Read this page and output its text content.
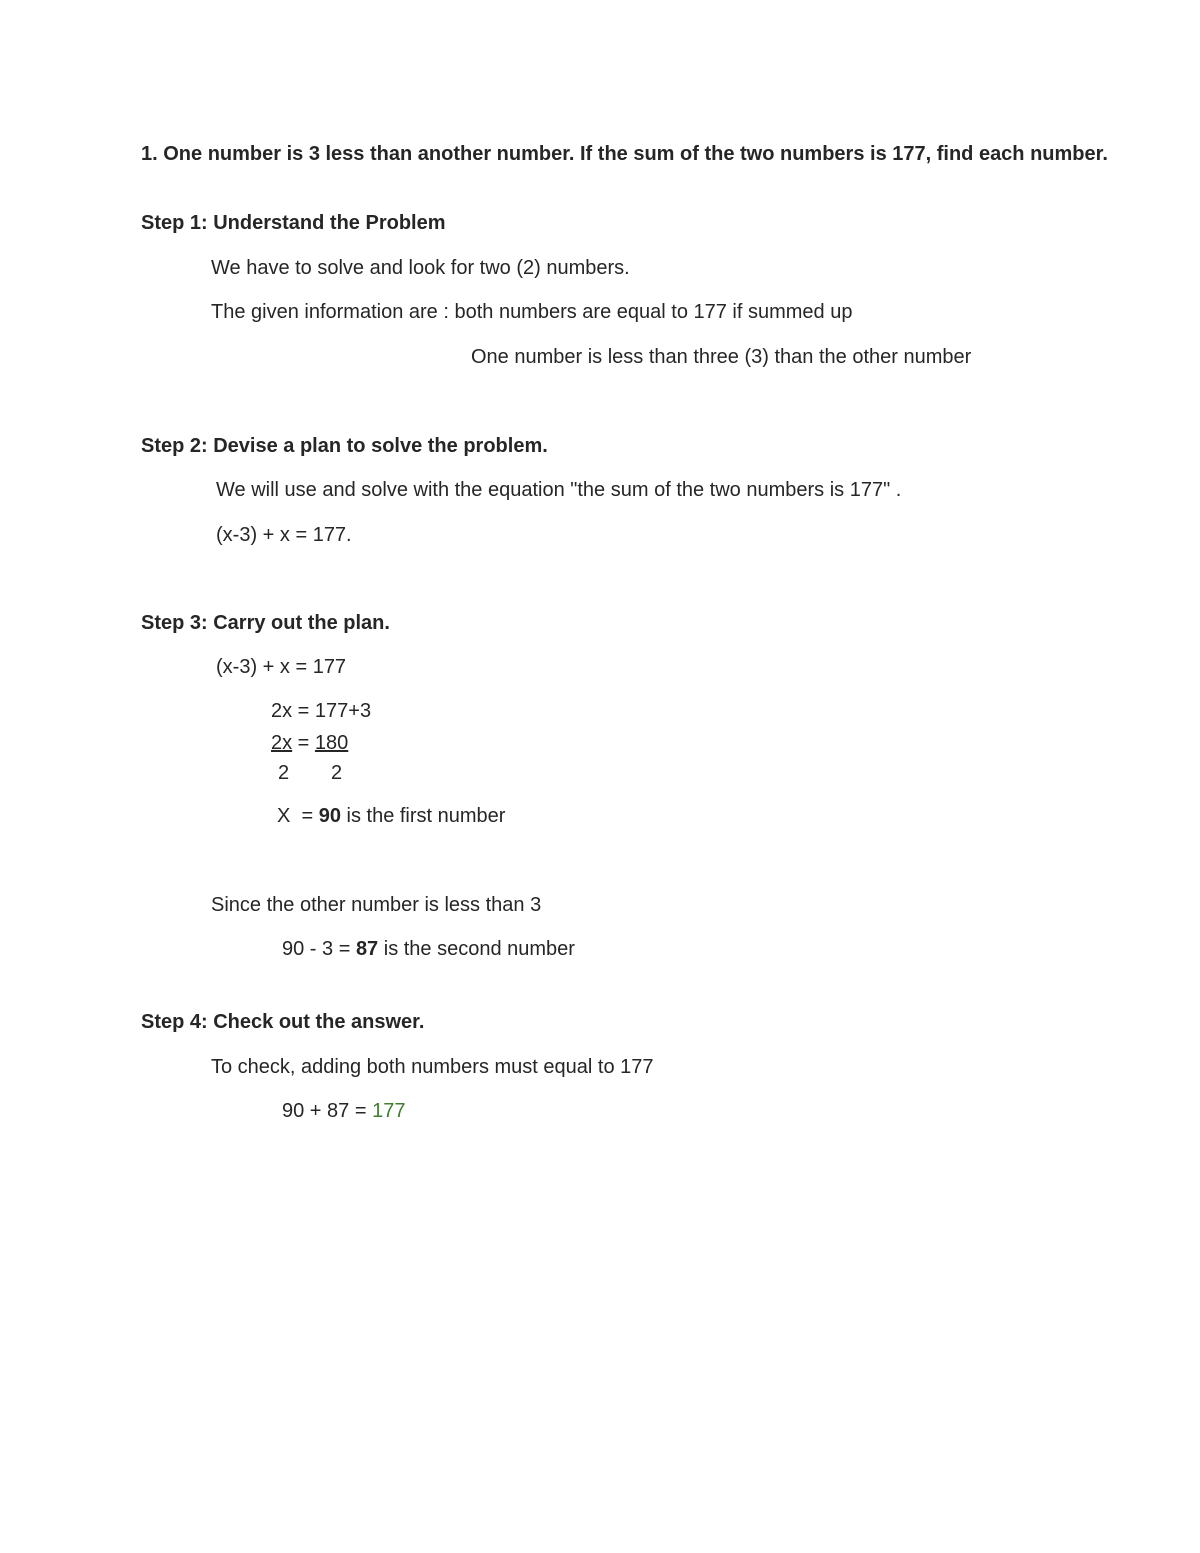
1. One number is 3 less than another number. If the sum of the two numbers is 177, find each number.
Step 1: Understand the Problem
We have to solve and look for two (2) numbers.
The given information are : both numbers are equal to 177 if summed up
One number is less than three (3) than the other number
Step 2: Devise a plan to solve the problem.
We will use and solve with the equation "the sum of the two numbers is 177" .
(x-3) + x = 177.
Step 3: Carry out the plan.
(x-3) + x = 177
2x = 177+3
2x = 180
2 2
X  = 90 is the first number
Since the other number is less than 3
90 - 3 = 87 is the second number
Step 4: Check out the answer.
To check, adding both numbers must equal to 177
90 + 87 = 177
